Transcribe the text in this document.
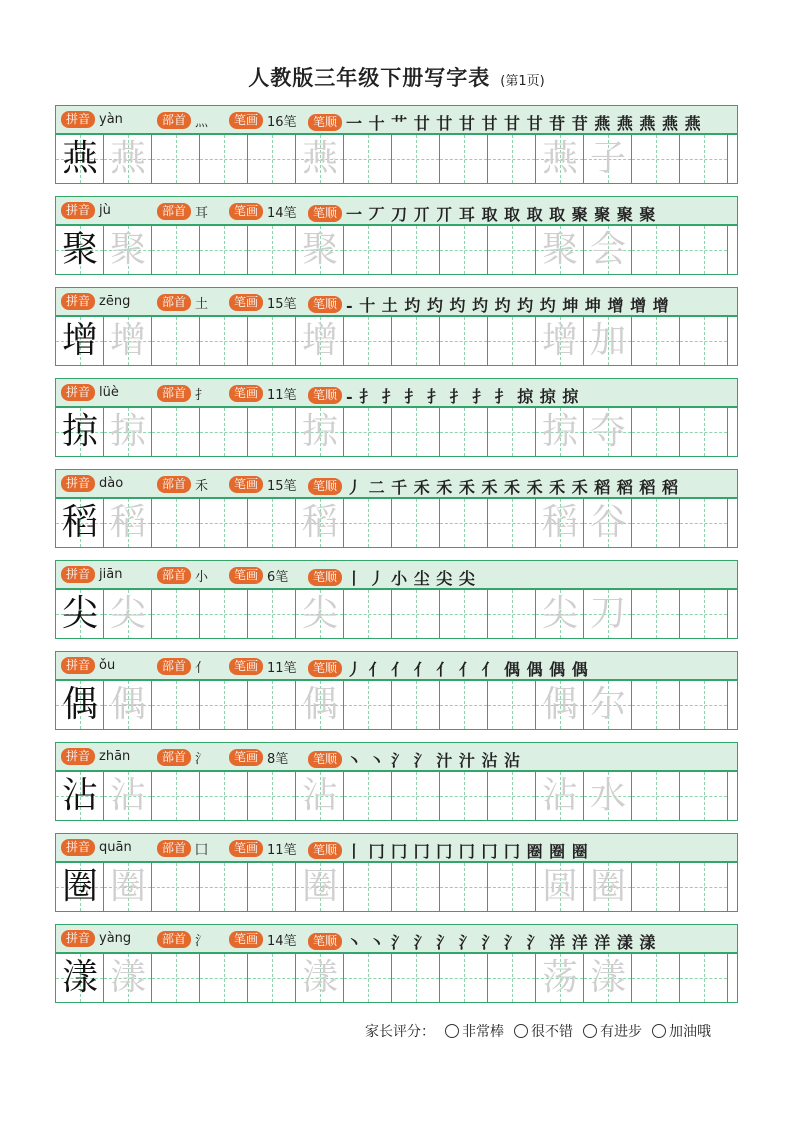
人教版三年级下册写字表 (第1页)
拼音 yàn	部首 灬	笔画 16笔	笔顺 一 十 艹 廿 廿 甘 甘 甘 甘 苷 苷 燕 燕 燕 燕 燕
燕 燕	燕	燕 子
拼音 jù	部首 耳	笔画 14笔	笔顺 一 丆 刀 丌 丌 耳 取 取 取 取 聚 聚 聚 聚
聚 聚	聚	聚 会
拼音 zēng	部首 土	笔画 15笔	笔顺 - 十 土 圴 圴 圴 圴 圴 圴 圴 坤 坤 增 增 增
增 增	增	增 加
拼音 lüè	部首 扌	笔画 11笔	笔顺 - 扌 扌 扌 扌 扌 扌 扌 掠 掠 掠
掠 掠	掠	掠 夺
拼音 dào	部首 禾	笔画 15笔	笔顺 丿 二 千 禾 禾 禾 禾 禾 禾 禾 禾 稻 稻 稻 稻
稻 稻	稻	稻 谷
拼音 jiān	部首 小	笔画 6笔	笔顺 丨 丿 小 尘 尖 尖
尖 尖	尖	尖 刀
拼音 ǒu	部首 亻	笔画 11笔	笔顺 丿 亻 亻 亻 亻 亻 亻 偶 偶 偶 偶
偶 偶	偶	偶 尔
拼音 zhān	部首 氵	笔画 8笔	笔顺 丶 丶 氵 氵 汁 汁 沾 沾
沾 沾	沾	沾 水
拼音 quān	部首 囗	笔画 11笔	笔顺 丨 冂 冂 冂 冂 冂 冂 冂 圈 圈 圈
圈 圈	圈	圆 圈
拼音 yàng	部首 氵	笔画 14笔	笔顺 丶 丶 氵 氵 氵 氵 氵 氵 氵 洋 洋 洋 漾 漾
漾 漾	漾	荡 漾
家长评分： 非常棒 很不错 有进步 加油哦
